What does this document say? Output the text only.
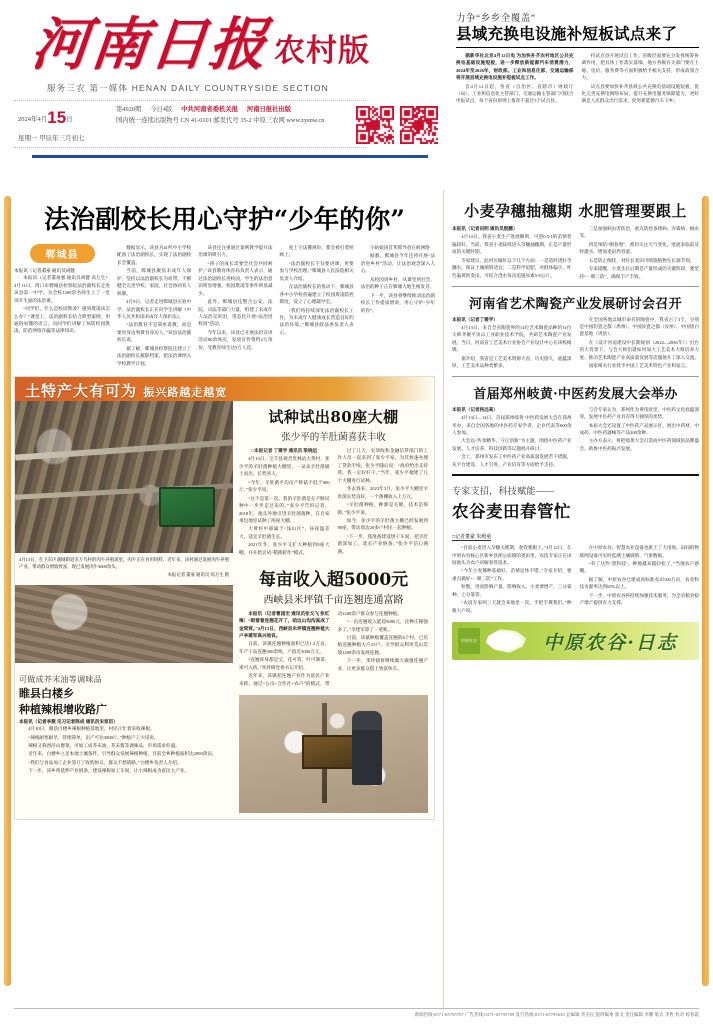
河南日报 农村版
服务三农 第一媒体 HENAN DAILY COUNTRYSIDE SECTION
2024年4月15日
星期一 甲辰年三月初七
第4920期 今日4版 中共河南省委机关报 河南日报社出版
国内统一连续出版物号 CN 41-0101 邮发代号 35-2 中原三农网 www.zysnw.cn
力争“乡乡全覆盖”
县域充换电设施补短板试点来了

据新华社北京4月12日电 为加快补齐农村地区公共充换电基础设施短板，进一步释放新能源汽车消费潜力，2024年至2026年，财政部、工业和信息化部、交通运输部将开展县域充换电设施补短板试点工作。

自4月12日起，各省（自治区、直辖市）财政厅（局）、工业和信息化主管部门、交通运输主管部门可联合申报试点。每个省份原则上推荐不超过5个试点县。

持试点县开展试点工作。省级层面要充分发挥统筹协调作用，把具体工作落实落细。地方各级有关部门要在土地、电价、服务费等方面积极给予相关支持，形成政策合力。

试点县要加快补齐县域公共充换电基础设施短板，优化完善充换电网络布局，提升充换电服务保障能力，更好满足人民群众出行需求，促进新能源汽车下乡。

法治副校长用心守护“少年的你”
郸城县
本报讯（记者董豪 通讯员胡健

本报讯（记者董豪强 通讯员胡健 高万生）4月11日，周口市郸城县检察院法治副校长走进该县第一中学，为全校1200余名师生上了一堂别开生面的法治课。

“同学们，什么是校园欺凌？遇到欺凌该怎么办？”课堂上，法治副校长结合典型案例，用通俗易懂的语言，向同学们讲解了预防校园欺凌、防范网络诈骗等法律知识。

数据显示，该县为41所中小学校配备了法治副校长，实现了法治副校长全覆盖。

当前，郸城县聚焦未成年人保护，坚持以法治副校长为纽带，不断健全完善学校、家庭、社会协同育人机制。

4月9日，记者走进郸城县实验中学，法治副校长正在向学生讲解《中华人民共和国未成年人保护法》。

“法治教育不是简单说教，而是要用身边事教育身边人。”该县法治副校长说。

据了解，郸城县检察院还建立了法治副校长履职档案，把法治课纳入学校教学计划。

该县还注重通过案例教学提升法治课的吸引力。

“孩子的成长需要全社会共同呵护。”该县教育体育局负责人表示，通过法治副校长进校园，学生的法治意识明显增强，校园欺凌等事件明显减少。

此外，郸城县还整合公安、法院、司法等部门力量，组建了未成年人法治宣讲团，常态化开展“法治进校园”活动。

今年以来，该县已开展法治宣讲活动80余场次，发放宣传资料2万余份，受教育师生达5万人次。

度上守法懂规矩，都会被打着照顾上。

“法治副校长不仅要讲课，更要参与学校治理。”郸城县人民法院相关负责人介绍。

在法治副校长的推动下，郸城县各中小学校普遍建立了校园欺凌防控制度，设立了心理辅导室。

“我们将持续深化法治副校长工作，为未成年人健康成长营造良好的法治环境。”郸城县政法委负责人表示。

小姑娘国首邦那导意在被网络

据悉，郸城县今年还将开展“法治进乡村”活动，让法治观念深入人心。

从校园到乡村，从课堂到社会，法治的种子正在郸城大地生根发芽。

下一步，该县将继续推动法治副校长工作提质增效，用心守护“少年的你”。

土特产大有可为 振兴路越走越宽
4月13日，在卫东区蒲城街道多万乌村的肉牛养殖场里，肉牛正在食用饲料。近年来，该村通过发展肉牛养殖产业，带动群众增收致富，现已发展肉牛3000余头。
本报记者 董豪 通讯员 高万生 摄
可做成芥末油等调味品
睢县白楼乡
种植辣根增收路广
本报讯（记者李燕 见习记者陈成 通讯员宋家臣）

4月10日，睢县白楼乡辣根种植基地里，村民正忙着采收辣根。

“辣根耐寒耐旱，管理简单，亩产可达3000斤。”种植户王大哥说。

辣根又称西洋山嵛菜，可加工成芥末油、芥末酱等调味品，市场需求旺盛。

近年来，白楼乡立足本地土壤条件，引导群众发展辣根种植，目前全乡种植面积达2000余亩。

“我们与食品加工企业签订了收购协议，群众不愁销路。”白楼乡负责人介绍。

下一步，该乡将延伸产业链条，建设辣根加工车间，让小辣根成为富民大产业。

试种试出80座大棚
张少平的羊肚菌喜获丰收

□本报记者 丁需学 通讯员 梁晓远

4月10日，宝丰县观音堂林站大黄村，张少平的羊肚菌种植大棚里，一朵朵羊肚菌破土而出，长势喜人。

“今年，羊肚菌平均亩产鲜菇不低于800斤。”张少平说。

“这不是第一次，我的羊肚菌是在不断试种中一步步走过来的。”张少平告诉记者，2018年，他从外地引进羊肚菌菌种，在自家承包地里试种了两座大棚。

大黄村中部属于“浅山区”，昼夜温差大，适宜羊肚菌生长。

2021年冬，张少平又扩大种植到8座大棚，并开始尝试“稻菌轮作”模式。

过了几天，史效收和金融信贷部门的工作人员一起来到了张少平家，为其快速办理了贷款手续。张少平随后说：“政府给出支持我，我一定好好干。”当年，张少平便建了几个大棚进行试种。

冬去春来，2023年3月，张少平大棚里羊肚菌长势良好，一个菌棚收入上万元。

“羊肚菌种植，种源是关键，技术是保障。”张少平说。

如今，张少平的羊肚菌大棚已经发展到80座，带动周边20多户村民一起种植。

“下一步，我准备建设烘干车间，把羊肚菌深加工，延长产业链条。”张少平信心满满。

每亩收入超5000元
西峡县米坪镇千亩连翘连通富路

本报讯（记者曹国宏 通讯员张戈飞 张红梅）“眼看着连翘花开了，咱这山沟沟真成了金窝窝。”4月13日，西峡县米坪镇连翘种植大户李建军高兴地说。

日前，该镇连翘种植面积已达1.2万亩，年产干品连翘300余吨，产值近3000万元。

“连翘浑身都是宝，花可赏、叶可制茶、果可入药。”米坪镇党委书记介绍。

近年来，该镇把连翘产业作为富民产业来抓，通过“公司+合作社+农户”的模式，带动1200余户群众参与连翘种植。

“一亩连翘收入能超5000元，比种庄稼强多了。”李建军算了一笔账。

目前，该镇种植覆盖连翘的6个村，已培植连翘种植大户25户，引导群众利用荒山荒坡1200余亩发展连翘。

下一步，米坪镇将继续做大做强连翘产业，让更多群众搭上致富快车。

小麦孕穗抽穗期 水肥管理要跟上

本报讯（记者田明 通讯员殷鹏）

4月14日，我省小麦生产进展顺利，可望0.5-1的苗情普遍较好。当前，我省小麦陆续进入孕穗抽穗期，正是产量形成的关键时期。

专家建议，此时应做好以下几个方面：一是适时浇好孕穗水，保证土壤墒情适宜；二是科学追肥，对群体偏小、叶色偏黄的麦田，可结合浇水每亩追施尿素5-8公斤。

三是加强病虫害防治，重点防控条锈病、赤霉病、蚜虫等。

四是预防“倒春寒”，密切关注天气变化，寒流来临前及时灌水，增加麦田热容量。

五是防止倒伏，对旺长麦田可喷施植物生长调节剂。

专家提醒，小麦生长后期是产量形成的关键阶段，要坚持“一喷三防”，确保丰产丰收。

河南省艺术陶瓷产业发展研讨会召开

本报讯（记者丁需学）

4月13日，来自全省陶瓷界的14位艺术陶瓷品种的31位大师齐聚平顶山工业职业技术学院，共研艺术陶瓷产业发展。当日，河南省工艺美术行业协会产业设计中心在该校揭牌。

据介绍，我省是工艺美术资源大省，历史悠久，底蕴深厚，工艺美术品种类繁多。

在全国各地以城市命名的陶瓷中，我省占了3个，分别是中国钧瓷之都（禹州）、中国汝瓷之都（汝州）、中国唐白瓷基地（巩县）。

在《设计河南建设中长期规划（2022—2036年）》出台的大背景下，与会大师们就如何加大工艺美术大师培养力度、推动艺术陶瓷产业高质量发展等话题展开了深入交流。

国家相关行业授予中国工艺美术特色产业和发言。

首届郑州岐黄·中医药发展大会举办

本报讯（记者杨远高）

4月13日—14日，首届郑州岐黄·中医药发展大会在郑州举办。来自全国各地的中医药专家学者、企业代表等600余人参加。

大会以“传承精华、守正创新”为主题，围绕中医药产业发展、人才培养、科技创新等议题展开研讨。

会上，郑州市发布了中医药产业高质量发展若干措施，从平台建设、人才引进、产业培育等方面给予支持。

与会专家认为，郑州作为黄帝故里，中医药文化底蕴深厚，发展中医药产业具有得天独厚的优势。

本届大会还设置了中医药产品展示区，展出中药材、中成药、中医药器械等产品300余种。

主办方表示，将把岐黄大会打造成中医药领域的品牌盛会，助推中医药振兴发展。

专家支招，科技赋能——
农谷麦田春管忙
□记者董豪 朱殿童

“目前小麦进入孕穗关键期，春管要跟上。”4月12日，在中原农谷核心区新乡县朗公庙镇的麦田里，农技专家正在田间地头为农户讲解春管技术。

“今年小麦播种基础好，苗情总体不错。”专家介绍，要重点做好“一喷三防”工作。

粒数，进而影响产量，影响收入。小麦要增产，三分靠种、七分靠管。

“农技专家两三天就会来地里一次，手把手教我们。”种粮大户说。

在中原农谷，智慧农业设备也派上了大用场。田间的物联网设备可实时监测土壤墒情、气象数据。

“有了这些‘黑科技’，种地越来越轻松了。”当地农户感慨。

据了解，中原农谷已建成高标准农田100万亩，农业科技贡献率达到65%以上。

下一步，中原农谷将持续加强技术服务，为全省粮食稳产增产提供有力支撑。

中原农谷	中原农谷·日志
新闻热线:0371-65795707 广告热线:0371-65795789 发行热线:0371-65795630 总编辑 李杰民 值班编委 郭戈 责任编辑 李鹏 版式 李哲 校对 杨春霞
